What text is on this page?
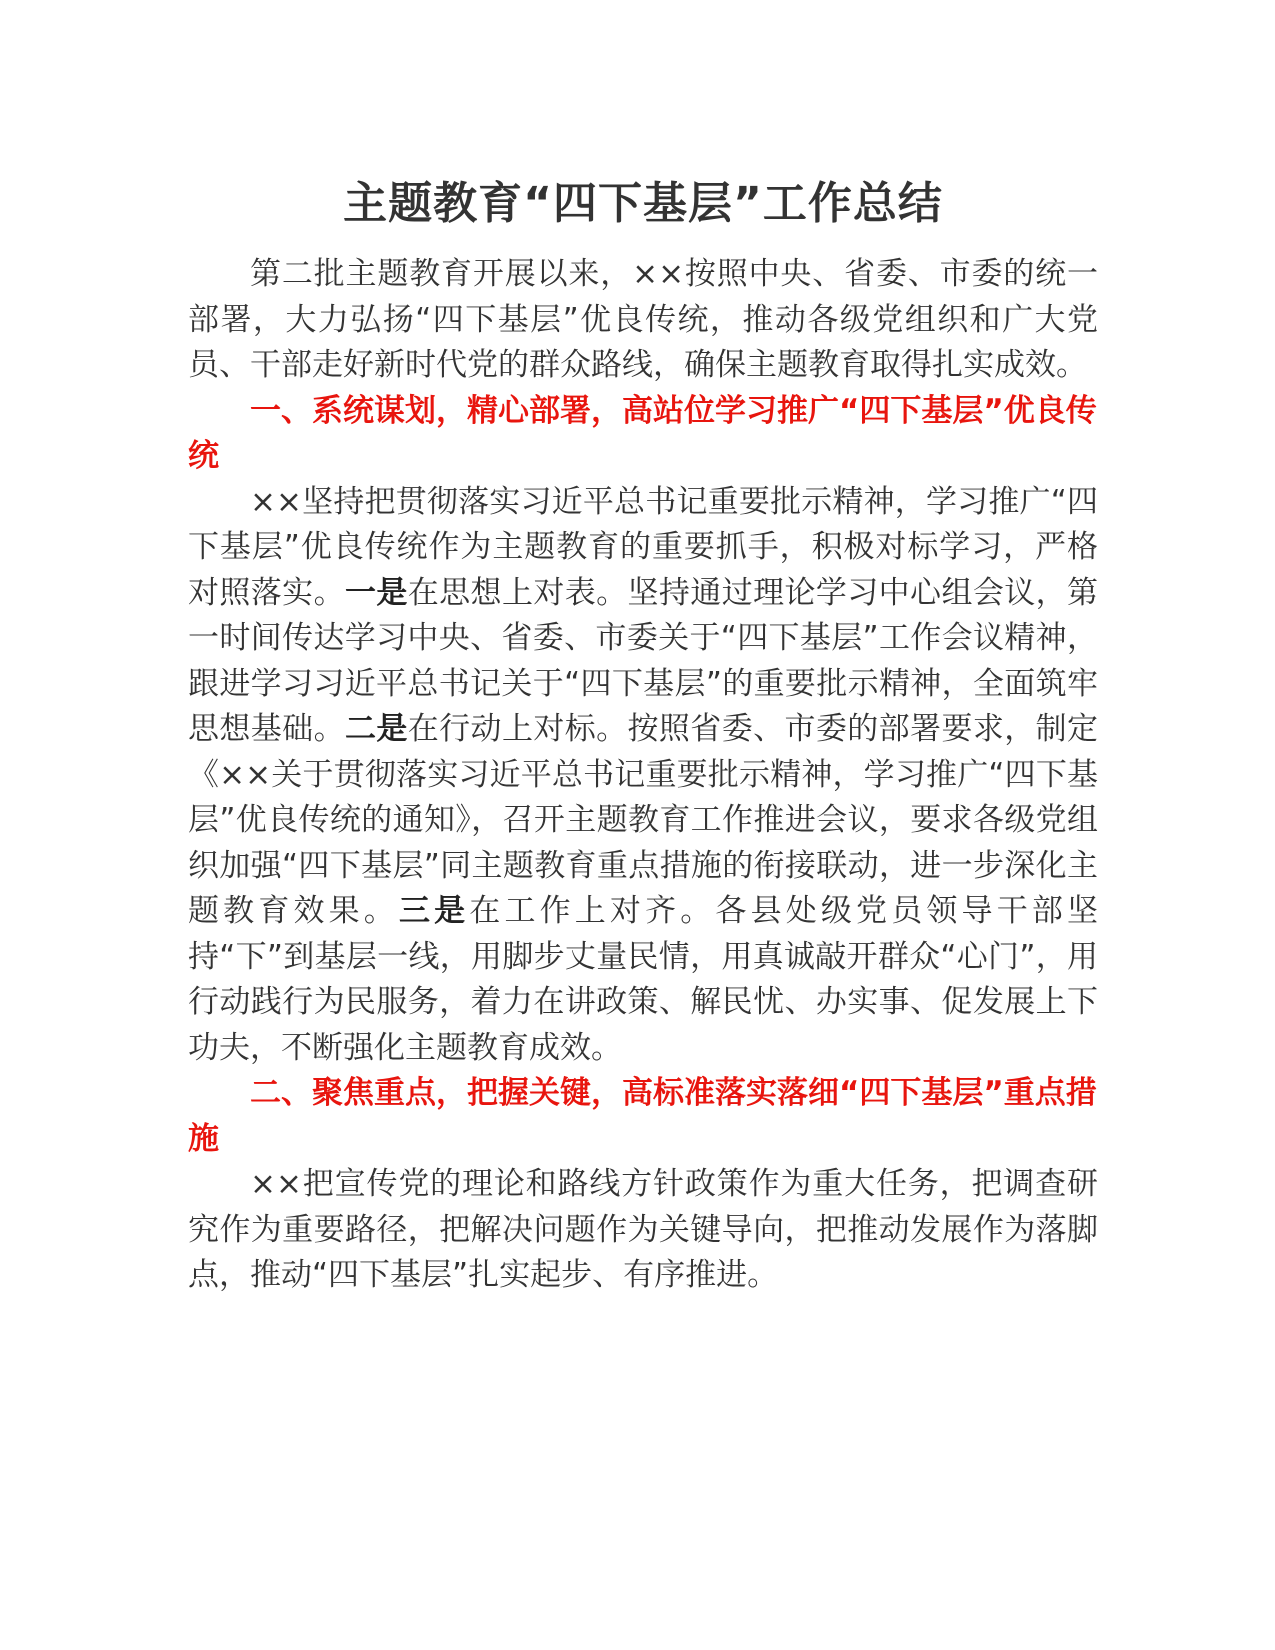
主题教育“四下基层”工作总结

第二批主题教育开展以来，××按照中央、省委、市委的统一部署，大力弘扬“四下基层”优良传统，推动各级党组织和广大党员、干部走好新时代党的群众路线，确保主题教育取得扎实成效。

一、系统谋划，精心部署，高站位学习推广“四下基层”优良传统

××坚持把贯彻落实习近平总书记重要批示精神，学习推广“四下基层”优良传统作为主题教育的重要抓手，积极对标学习，严格对照落实。一是在思想上对表。坚持通过理论学习中心组会议，第一时间传达学习中央、省委、市委关于“四下基层”工作会议精神，跟进学习习近平总书记关于“四下基层”的重要批示精神，全面筑牢思想基础。二是在行动上对标。按照省委、市委的部署要求，制定《××关于贯彻落实习近平总书记重要批示精神，学习推广“四下基层”优良传统的通知》，召开主题教育工作推进会议，要求各级党组织加强“四下基层”同主题教育重点措施的衔接联动，进一步深化主题教育效果。三是在工作上对齐。各县处级党员领导干部坚持“下”到基层一线，用脚步丈量民情，用真诚敲开群众“心门”，用行动践行为民服务，着力在讲政策、解民忧、办实事、促发展上下功夫，不断强化主题教育成效。

二、聚焦重点，把握关键，高标准落实落细“四下基层”重点措施

××把宣传党的理论和路线方针政策作为重大任务，把调查研究作为重要路径，把解决问题作为关键导向，把推动发展作为落脚点，推动“四下基层”扎实起步、有序推进。
